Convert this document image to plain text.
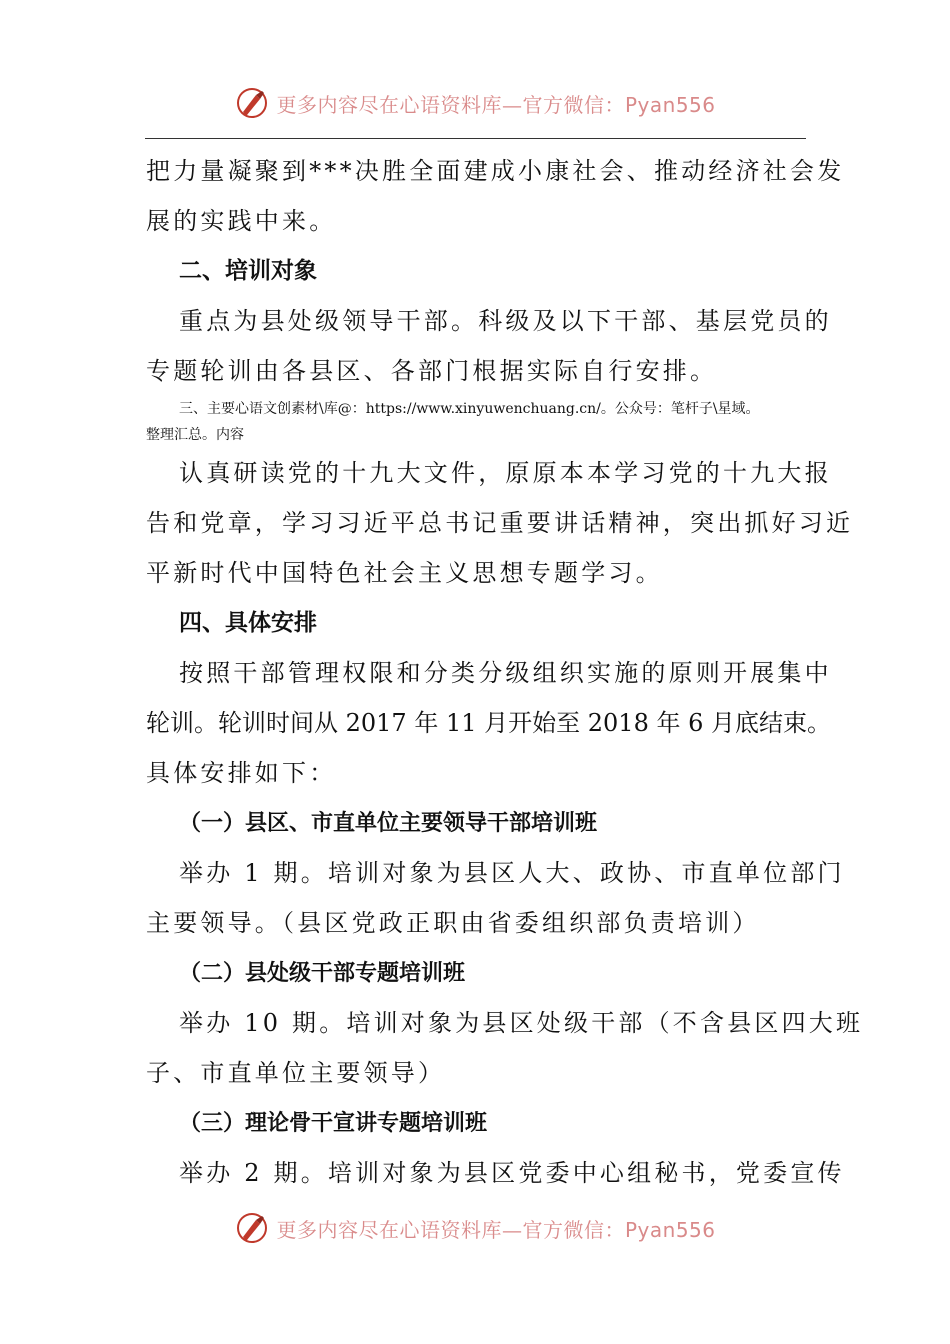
更多内容尽在心语资料库—官方微信：Pyan556
把力量凝聚到***决胜全面建成小康社会、推动经济社会发
展的实践中来。
二、培训对象
重点为县处级领导干部。科级及以下干部、基层党员的
专题轮训由各县区、各部门根据实际自行安排。
三、主要心语文创素材\库@：https://www.xinyuwenchuang.cn/。公众号：笔杆子\星域。
整理汇总。内容
认真研读党的十九大文件，原原本本学习党的十九大报
告和党章，学习习近平总书记重要讲话精神，突出抓好习近
平新时代中国特色社会主义思想专题学习。
四、具体安排
按照干部管理权限和分类分级组织实施的原则开展集中
轮训。轮训时间从 2017 年 11 月开始至 2018 年 6 月底结束。
具体安排如下：
（一）县区、市直单位主要领导干部培训班
举办 1 期。培训对象为县区人大、政协、市直单位部门
主要领导。（县区党政正职由省委组织部负责培训）
（二）县处级干部专题培训班
举办 10 期。培训对象为县区处级干部（不含县区四大班
子、市直单位主要领导）
（三）理论骨干宣讲专题培训班
举办 2 期。培训对象为县区党委中心组秘书，党委宣传
更多内容尽在心语资料库—官方微信：Pyan556
